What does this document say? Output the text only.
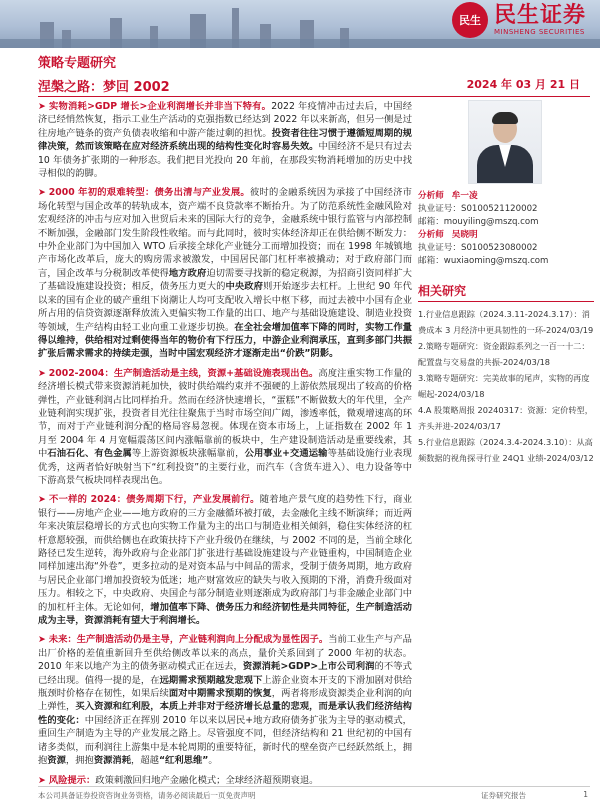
民生 民生证券
MINSHENG SECURITIES
策略专题研究
涅槃之路：梦回 2002	2024 年 03 月 21 日

➤ 实物消耗>GDP 增长>企业利润增长并非当下特有。2022 年疫情冲击过去后，中国经济已经悄然恢复，指示工业生产活动的克强指数已经达到 2022 年以来新高，但另一侧是过往房地产链条的资产负债表收缩和中游产能过剩的担忧。投资者往往习惯于遵循短周期的规律决策，然而该策略在应对经济系统出现的结构性变化时容易失效。中国经济不是只有过去 10 年债务扩张期的一种形态。我们把目光投向 20 年前，在那段实物消耗增加的历史中找寻相似的韵脚。

➤ 2000 年初的艰难转型：债务出清与产业发展。彼时的金融系统因为承接了中国经济市场化转型与国企改革的转轨成本，资产端不良贷款率不断抬升。为了防范系统性金融风险对宏观经济的冲击与应对加入世贸后未来的国际大行的竞争，金融系统中银行监管与内部控制不断加强，金融部门发生阶段性收缩。而与此同时，彼时实体经济却正在供给侧不断发力：中外企业部门为中国加入 WTO 后承接全球化产业链分工而增加投资；而在 1998 年城镇地产市场化改革后，庞大的购房需求被激发，中国居民部门杠杆率被撬动；对于政府部门而言，国企改革与分税制改革使得地方政府迫切需要寻找新的稳定税源，为招商引资同样扩大了基础设施建设投资；相反，债务压力更大的中央政府则开始逐步去杠杆。上世纪 90 年代以来的国有企业的破产重组下岗潮让人均可支配收入增长中枢下移，而过去被中小国有企业所占用的信贷资源逐渐释放流入更偏实物工作量的出口、地产与基础设施建设、制造业投资等领域，生产结构由轻工业向重工业逐步切换。在全社会增加值率下降的同时，实物工作量得以维持，供给相对过剩使得当年的物价有下行压力，中游企业利润承压，直到多部门共振扩张后需求需求的持续走强，当时中国宏观经济才逐渐走出“价跌”阴影。

➤ 2002-2004：生产制造活动是主线，资源+基础设施表现出色。高度注重实物工作量的经济增长模式带来资源消耗加快，彼时供给端约束并不强硬的上游依然展现出了较高的价格弹性，产业链利润占比同样抬升。然而在经济快速增长，“蛋糕”不断做数大的年代里，全产业链利润实现扩张，投资者目光往往聚焦于当时市场空间广阔，渗透率低，微观增速高的环节，而对于产业链利润分配的格局容易忽视。体现在资本市场上，上证指数在 2002 年 1 月至 2004 年 4 月宽幅震荡区间内涨幅靠前的板块中，生产建设制造活动是重要线索，其中石油石化、有色金属等上游资源板块涨幅靠前，公用事业+交通运输等基础设施行业表现优秀，这两者恰好映射当下“红利投资”的主要行业，而汽车（含货车进入）、电力设备等中下游高景气板块同样表现出色。

➤ 不一样的 2024：债务周期下行，产业发展前行。随着地产景气度的趋势性下行，商业银行——房地产企业——地方政府的三方金融循环被打破，去金融化主线不断演绎；而近两年来决策层稳增长的方式也向实物工作量为主的出口与制造业相关倾斜，稳住实体经济的杠杆意愿较强，而供给侧也在政策扶持下产业升级仍在继续，与 2002 不同的是，当前全球化路径已发生逆转，海外政府与企业部门扩张进行基础设施建设与产业链重构，中国制造企业同样加速出海“外卷”，更多拉动的是对资本品与中间品的需求，受制于债务周期，地方政府与居民企业部门增加投资较为低迷；地产财富效应的缺失与收入预期的下滑，消费升级面对压力。相较之下，中央政府、央国企与部分制造业则逐渐成为政府部门与非金融企业部门中的加杠杆主体。无论如何，增加值率下降、债务压力和经济韧性是共同特征，生产制造活动成为主导，资源消耗有望大于利润增长。

➤ 未来：生产制造活动仍是主导，产业链利润向上分配成为显性因子。当前工业生产与产品出厂价格的差值重新回升至供给侧改革以来的高点，量价关系回到了 2000 年初的状态。2010 年来以地产为主的债务驱动模式正在远去，资源消耗>GDP>上市公司利润的不等式已经出现。值得一提的是，在远期需求预期越发悲观下上游企业资本开支的下滑加剧对供给瓶颈时价格存在韧性，如果后续面对中期需求预期的恢复，两者将形成资源类企业利润的向上弹性，买入资源和红利股，本质上并非对于经济增长总量的悲观，而是承认我们经济结构性的变化：中国经济正在挥别 2010 年以来以居民+地方政府债务扩张为主导的驱动模式，重回生产制造为主导的产业发展之路上。尽管强度不同，但经济结构和 21 世纪初的中国有诸多类似，而利润往上游集中是本轮周期的重要特征，新时代的壁垒资产已经跃然纸上，拥抱资源，拥抱资源消耗，超越“红利思维”。

➤ 风险提示：政策刺激回归地产金融化模式；全球经济超预期衰退。

分析师 牟一凌
执业证号：S0100521120002
邮箱：mouyiling@mszq.com
分析师 吴晓明
执业证号：S0100523080002
邮箱：wuxiaoming@mszq.com
相关研究
1.行业信息跟踪（2024.3.11-2024.3.17）：消费成本 3 月经济中更具韧性的一环-2024/03/19
2.策略专题研究：资金跟踪系列之一百一十二：配置盘与交易盘的共振-2024/03/18
3.策略专题研究：完美故事的尾声，实物的再度崛起-2024/03/18
4.A 股策略周报 20240317：资源：定价转型，齐头并进-2024/03/17
5.行业信息跟踪（2024.3.4-2024.3.10）：从高频数据的视角探寻行业 24Q1 业绩-2024/03/12
本公司具备证券投资咨询业务资格，请务必阅读最后一页免责声明	证券研究报告	1
